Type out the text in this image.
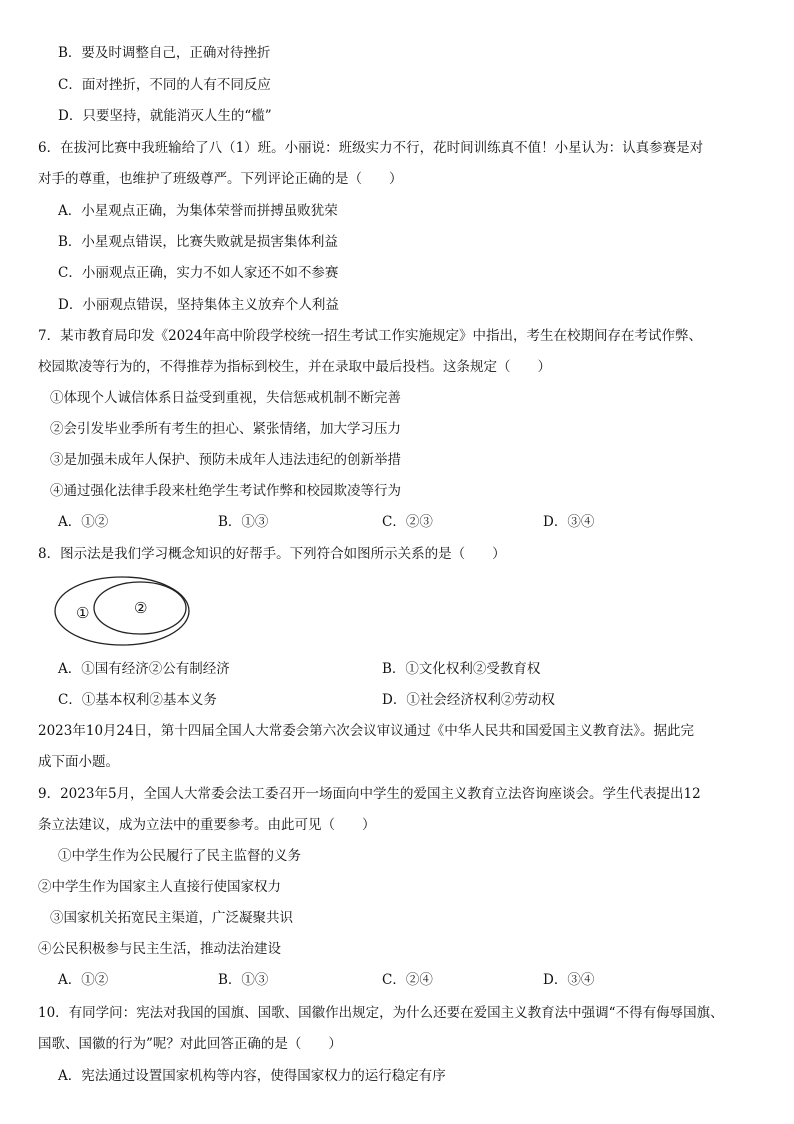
B．要及时调整自己，正确对待挫折
C．面对挫折，不同的人有不同反应
D．只要坚持，就能消灭人生的“槛”
6．在拔河比赛中我班输给了八（1）班。小丽说：班级实力不行，花时间训练真不值！小星认为：认真参赛是对
对手的尊重，也维护了班级尊严。下列评论正确的是（　　）
A．小星观点正确，为集体荣誉而拼搏虽败犹荣
B．小星观点错误，比赛失败就是损害集体利益
C．小丽观点正确，实力不如人家还不如不参赛
D．小丽观点错误，坚持集体主义放弃个人利益
7．某市教育局印发《2024年高中阶段学校统一招生考试工作实施规定》中指出，考生在校期间存在考试作弊、
校园欺凌等行为的，不得推荐为指标到校生，并在录取中最后投档。这条规定（　　）
①体现个人诚信体系日益受到重视，失信惩戒机制不断完善
②会引发毕业季所有考生的担心、紧张情绪，加大学习压力
③是加强未成年人保护、预防未成年人违法违纪的创新举措
④通过强化法律手段来杜绝学生考试作弊和校园欺凌等行为
A．①②	B．①③	C．②③	D．③④
8．图示法是我们学习概念知识的好帮手。下列符合如图所示关系的是（　　）
①	②
A．①国有经济②公有制经济	B．①文化权利②受教育权
C．①基本权利②基本义务	D．①社会经济权利②劳动权
2023年10月24日，第十四届全国人大常委会第六次会议审议通过《中华人民共和国爱国主义教育法》。据此完
成下面小题。
9．2023年5月，全国人大常委会法工委召开一场面向中学生的爱国主义教育立法咨询座谈会。学生代表提出12
条立法建议，成为立法中的重要参考。由此可见（　　）
①中学生作为公民履行了民主监督的义务
②中学生作为国家主人直接行使国家权力
③国家机关拓宽民主渠道，广泛凝聚共识
④公民积极参与民主生活，推动法治建设
A．①②	B．①③	C．②④	D．③④
10．有同学问：宪法对我国的国旗、国歌、国徽作出规定，为什么还要在爱国主义教育法中强调“不得有侮辱国旗、
国歌、国徽的行为”呢？对此回答正确的是（　　）
A．宪法通过设置国家机构等内容，使得国家权力的运行稳定有序
